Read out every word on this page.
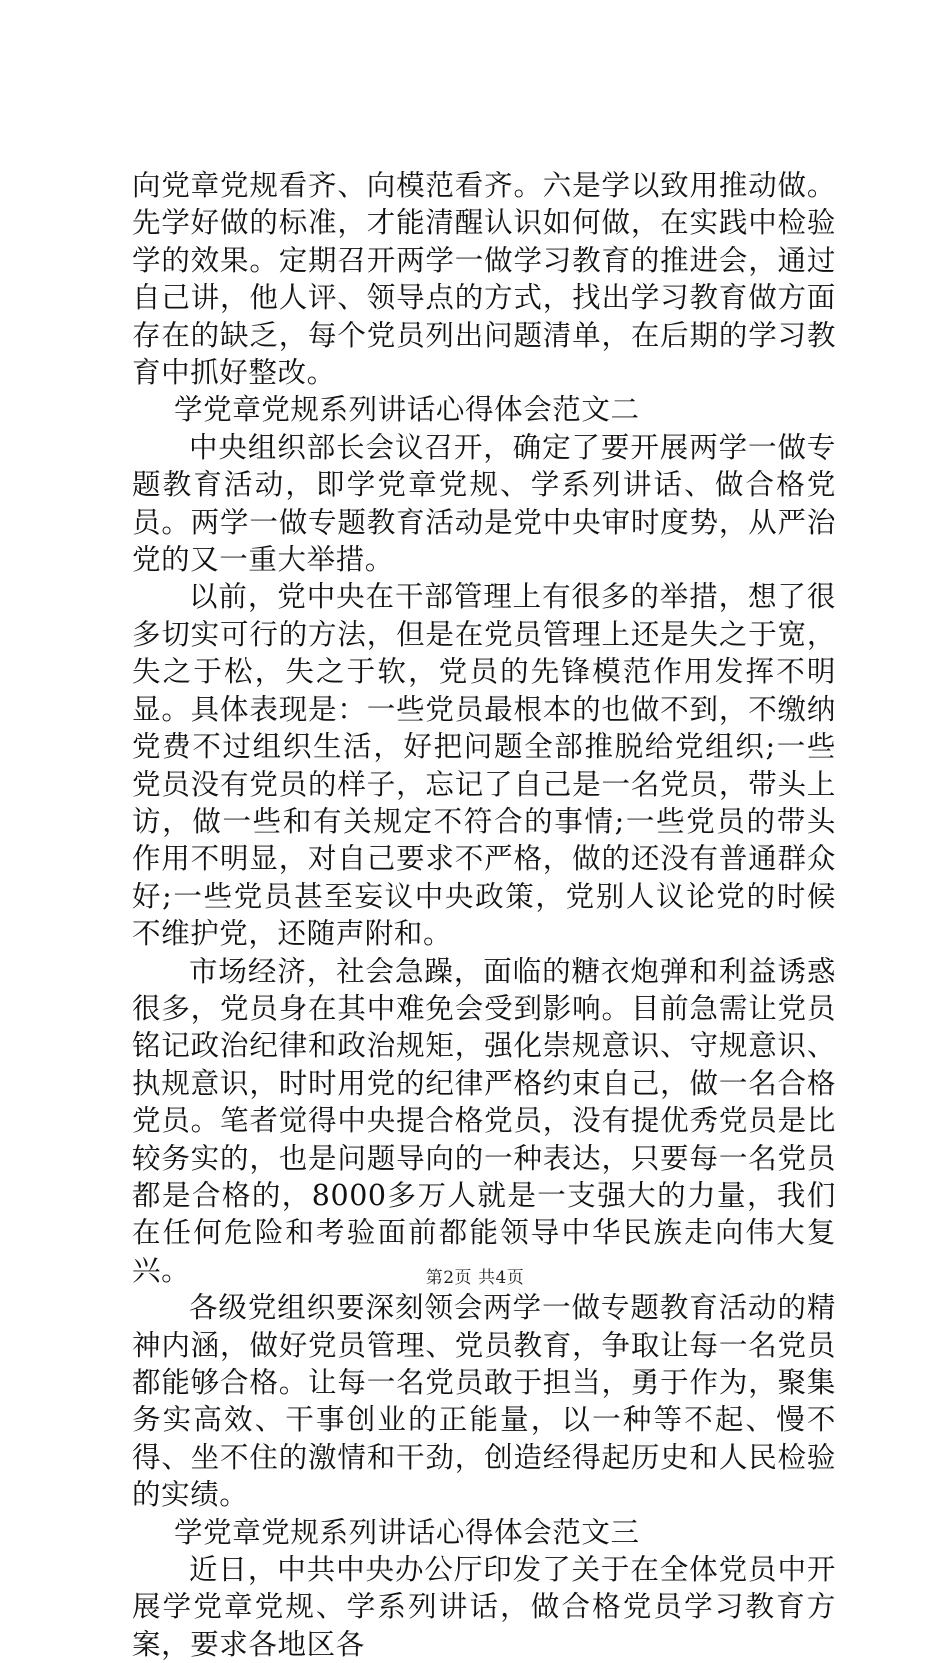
向党章党规看齐、向模范看齐。六是学以致用推动做。先学好做的标准，才能清醒认识如何做，在实践中检验学的效果。定期召开两学一做学习教育的推进会，通过自己讲，他人评、领导点的方式，找出学习教育做方面存在的缺乏，每个党员列出问题清单，在后期的学习教育中抓好整改。

学党章党规系列讲话心得体会范文二

中央组织部长会议召开，确定了要开展两学一做专题教育活动，即学党章党规、学系列讲话、做合格党员。两学一做专题教育活动是党中央审时度势，从严治党的又一重大举措。

以前，党中央在干部管理上有很多的举措，想了很多切实可行的方法，但是在党员管理上还是失之于宽，失之于松，失之于软，党员的先锋模范作用发挥不明显。具体表现是：一些党员最根本的也做不到，不缴纳党费不过组织生活，好把问题全部推脱给党组织;一些党员没有党员的样子，忘记了自己是一名党员，带头上访，做一些和有关规定不符合的事情;一些党员的带头作用不明显，对自己要求不严格，做的还没有普通群众好;一些党员甚至妄议中央政策，党别人议论党的时候不维护党，还随声附和。

市场经济，社会急躁，面临的糖衣炮弹和利益诱惑很多，党员身在其中难免会受到影响。目前急需让党员铭记政治纪律和政治规矩，强化崇规意识、守规意识、执规意识，时时用党的纪律严格约束自己，做一名合格党员。笔者觉得中央提合格党员，没有提优秀党员是比较务实的，也是问题导向的一种表达，只要每一名党员都是合格的，8000多万人就是一支强大的力量，我们在任何危险和考验面前都能领导中华民族走向伟大复兴。

各级党组织要深刻领会两学一做专题教育活动的精神内涵，做好党员管理、党员教育，争取让每一名党员都能够合格。让每一名党员敢于担当，勇于作为，聚集务实高效、干事创业的正能量，以一种等不起、慢不得、坐不住的激情和干劲，创造经得起历史和人民检验的实绩。

学党章党规系列讲话心得体会范文三

近日，中共中央办公厅印发了关于在全体党员中开展学党章党规、学系列讲话，做合格党员学习教育方案，要求各地区各

第2页 共4页
